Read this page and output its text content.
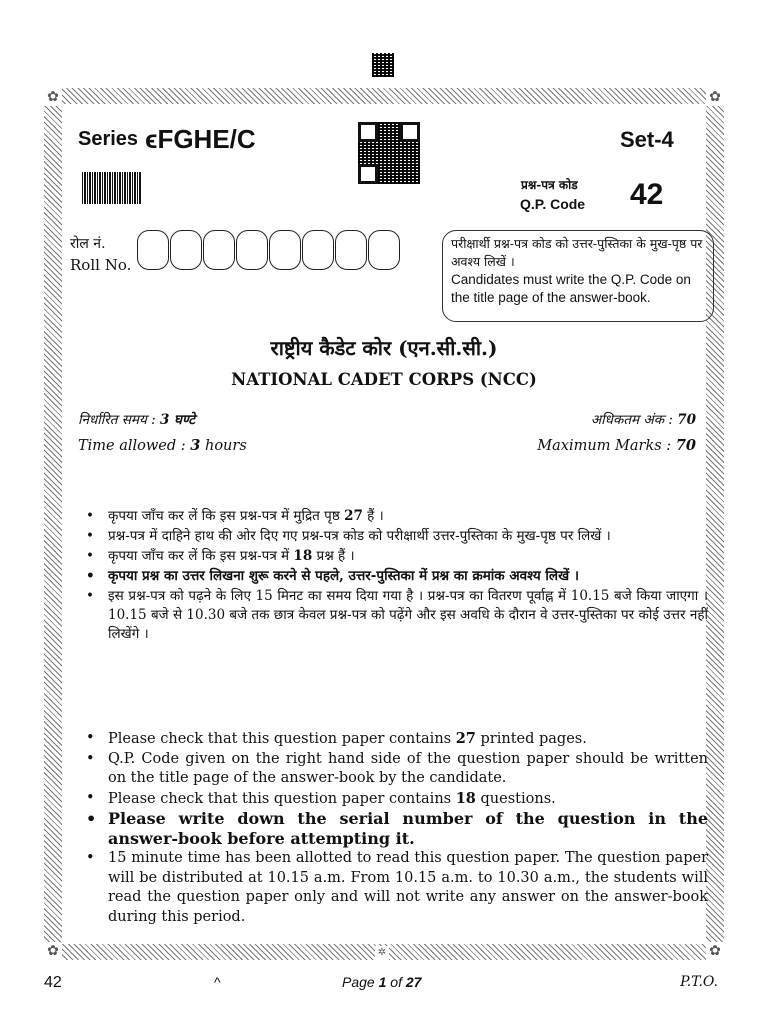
✿	✿
✿	✿
✲
Series ϵFGHE/C	Set-4
प्रश्न-पत्र कोड
Q.P. Code 42
रोल नं.
Roll No.
परीक्षार्थी प्रश्न-पत्र कोड को उत्तर-पुस्तिका के मुख-पृष्ठ पर अवश्य लिखें ।
Candidates must write the Q.P. Code on the title page of the answer-book.
राष्ट्रीय कैडेट कोर (एन.सी.सी.)
NATIONAL CADET CORPS (NCC)
निर्धारित समय : 3 घण्टे	अधिकतम अंक : 70
Time allowed : 3 hours	Maximum Marks : 70
• कृपया जाँच कर लें कि इस प्रश्न-पत्र में मुद्रित पृष्ठ 27 हैं ।
• प्रश्न-पत्र में दाहिने हाथ की ओर दिए गए प्रश्न-पत्र कोड को परीक्षार्थी उत्तर-पुस्तिका के मुख-पृष्ठ पर लिखें ।
• कृपया जाँच कर लें कि इस प्रश्न-पत्र में 18 प्रश्न हैं ।
• कृपया प्रश्न का उत्तर लिखना शुरू करने से पहले, उत्तर-पुस्तिका में प्रश्न का क्रमांक अवश्य लिखें ।
• इस प्रश्न-पत्र को पढ़ने के लिए 15 मिनट का समय दिया गया है । प्रश्न-पत्र का वितरण पूर्वाह्न में 10.15 बजे किया जाएगा । 10.15 बजे से 10.30 बजे तक छात्र केवल प्रश्न-पत्र को पढ़ेंगे और इस अवधि के दौरान वे उत्तर-पुस्तिका पर कोई उत्तर नहीं लिखेंगे ।
• Please check that this question paper contains 27 printed pages.
• Q.P. Code given on the right hand side of the question paper should be written on the title page of the answer-book by the candidate.
• Please check that this question paper contains 18 questions.
• Please write down the serial number of the question in the answer-book before attempting it.
• 15 minute time has been allotted to read this question paper. The question paper will be distributed at 10.15 a.m. From 10.15 a.m. to 10.30 a.m., the students will read the question paper only and will not write any answer on the answer-book during this period.
42	^	Page 1 of 27	P.T.O.
